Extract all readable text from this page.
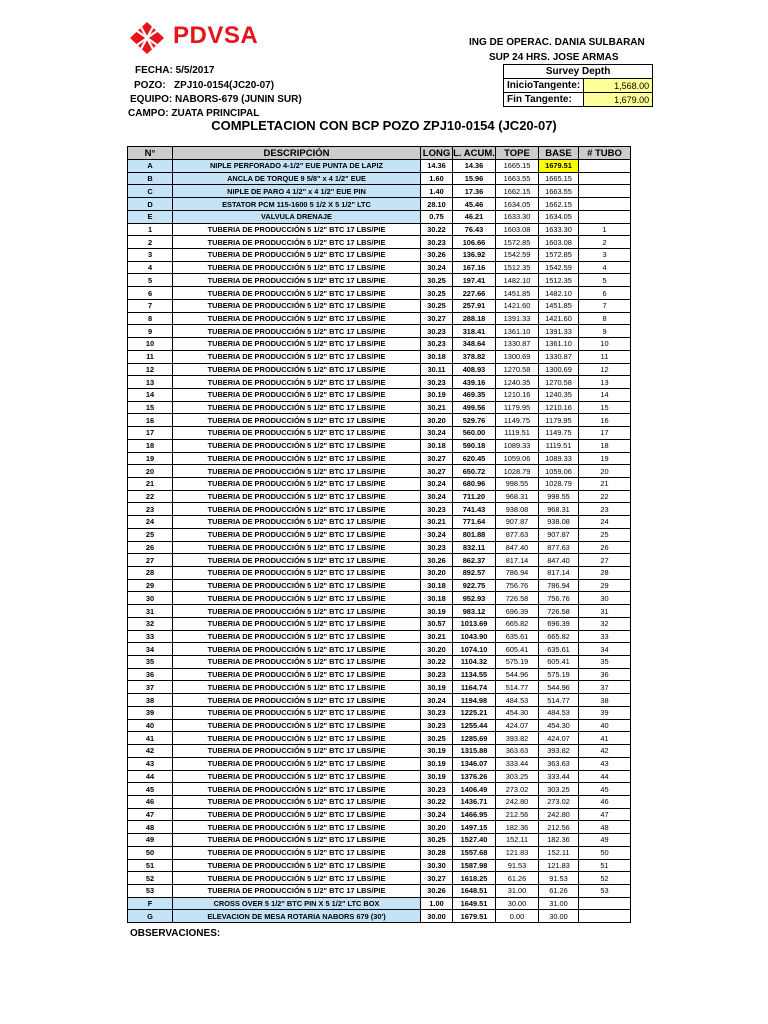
PDVSA	ING DE OPERAC. DANIA SULBARAN
SUP 24 HRS. JOSE ARMAS
FECHA: 5/5/2017
POZO: ZPJ10-0154(JC20-07)
EQUIPO: NABORS-679 (JUNIN SUR)
CAMPO: ZUATA PRINCIPAL
Survey Depth	
InicioTangente:	1,568.00
Fin Tangente:	1,679.00
COMPLETACION CON BCP POZO ZPJ10-0154 (JC20-07)
N°	DESCRIPCIÓN	LONG	L. ACUM.	TOPE	BASE	# TUBO
A	NIPLE PERFORADO 4-1/2" EUE PUNTA DE LAPIZ	14.36	14.36	1665.15	1679.51	
B	ANCLA DE TORQUE 9 5/8" x 4 1/2" EUE	1.60	15.96	1663.55	1665.15	
C	NIPLE DE PARO 4 1/2" x 4 1/2" EUE PIN	1.40	17.36	1662.15	1663.55	
D	ESTATOR PCM 115-1600 5 1/2 X 5 1/2" LTC	28.10	45.46	1634.05	1662.15	
E	VALVULA DRENAJE	0.75	46.21	1633.30	1634.05	
1	TUBERIA DE PRODUCCIÓN 5 1/2" BTC 17 LBS/PIE	30.22	76.43	1603.08	1633.30	1
2	TUBERIA DE PRODUCCIÓN 5 1/2" BTC 17 LBS/PIE	30.23	106.66	1572.85	1603.08	2
3	TUBERIA DE PRODUCCIÓN 5 1/2" BTC 17 LBS/PIE	30.26	136.92	1542.59	1572.85	3
4	TUBERIA DE PRODUCCIÓN 5 1/2" BTC 17 LBS/PIE	30.24	167.16	1512.35	1542.59	4
5	TUBERIA DE PRODUCCIÓN 5 1/2" BTC 17 LBS/PIE	30.25	197.41	1482.10	1512.35	5
6	TUBERIA DE PRODUCCIÓN 5 1/2" BTC 17 LBS/PIE	30.25	227.66	1451.85	1482.10	6
7	TUBERIA DE PRODUCCIÓN 5 1/2" BTC 17 LBS/PIE	30.25	257.91	1421.60	1451.85	7
8	TUBERIA DE PRODUCCIÓN 5 1/2" BTC 17 LBS/PIE	30.27	288.18	1391.33	1421.60	8
9	TUBERIA DE PRODUCCIÓN 5 1/2" BTC 17 LBS/PIE	30.23	318.41	1361.10	1391.33	9
10	TUBERIA DE PRODUCCIÓN 5 1/2" BTC 17 LBS/PIE	30.23	348.64	1330.87	1361.10	10
11	TUBERIA DE PRODUCCIÓN 5 1/2" BTC 17 LBS/PIE	30.18	378.82	1300.69	1330.87	11
12	TUBERIA DE PRODUCCIÓN 5 1/2" BTC 17 LBS/PIE	30.11	408.93	1270.58	1300.69	12
13	TUBERIA DE PRODUCCIÓN 5 1/2" BTC 17 LBS/PIE	30.23	439.16	1240.35	1270.58	13
14	TUBERIA DE PRODUCCIÓN 5 1/2" BTC 17 LBS/PIE	30.19	469.35	1210.16	1240.35	14
15	TUBERIA DE PRODUCCIÓN 5 1/2" BTC 17 LBS/PIE	30.21	499.56	1179.95	1210.16	15
16	TUBERIA DE PRODUCCIÓN 5 1/2" BTC 17 LBS/PIE	30.20	529.76	1149.75	1179.95	16
17	TUBERIA DE PRODUCCIÓN 5 1/2" BTC 17 LBS/PIE	30.24	560.00	1119.51	1149.75	17
18	TUBERIA DE PRODUCCIÓN 5 1/2" BTC 17 LBS/PIE	30.18	590.18	1089.33	1119.51	18
19	TUBERIA DE PRODUCCIÓN 5 1/2" BTC 17 LBS/PIE	30.27	620.45	1059.06	1089.33	19
20	TUBERIA DE PRODUCCIÓN 5 1/2" BTC 17 LBS/PIE	30.27	650.72	1028.79	1059.06	20
21	TUBERIA DE PRODUCCIÓN 5 1/2" BTC 17 LBS/PIE	30.24	680.96	998.55	1028.79	21
22	TUBERIA DE PRODUCCIÓN 5 1/2" BTC 17 LBS/PIE	30.24	711.20	968.31	998.55	22
23	TUBERIA DE PRODUCCIÓN 5 1/2" BTC 17 LBS/PIE	30.23	741.43	938.08	968.31	23
24	TUBERIA DE PRODUCCIÓN 5 1/2" BTC 17 LBS/PIE	30.21	771.64	907.87	938.08	24
25	TUBERIA DE PRODUCCIÓN 5 1/2" BTC 17 LBS/PIE	30.24	801.88	877.63	907.87	25
26	TUBERIA DE PRODUCCIÓN 5 1/2" BTC 17 LBS/PIE	30.23	832.11	847.40	877.63	26
27	TUBERIA DE PRODUCCIÓN 5 1/2" BTC 17 LBS/PIE	30.26	862.37	817.14	847.40	27
28	TUBERIA DE PRODUCCIÓN 5 1/2" BTC 17 LBS/PIE	30.20	892.57	786.94	817.14	28
29	TUBERIA DE PRODUCCIÓN 5 1/2" BTC 17 LBS/PIE	30.18	922.75	756.76	786.94	29
30	TUBERIA DE PRODUCCIÓN 5 1/2" BTC 17 LBS/PIE	30.18	952.93	726.58	756.76	30
31	TUBERIA DE PRODUCCIÓN 5 1/2" BTC 17 LBS/PIE	30.19	983.12	696.39	726.58	31
32	TUBERIA DE PRODUCCIÓN 5 1/2" BTC 17 LBS/PIE	30.57	1013.69	665.82	696.39	32
33	TUBERIA DE PRODUCCIÓN 5 1/2" BTC 17 LBS/PIE	30.21	1043.90	635.61	665.82	33
34	TUBERIA DE PRODUCCIÓN 5 1/2" BTC 17 LBS/PIE	30.20	1074.10	605.41	635.61	34
35	TUBERIA DE PRODUCCIÓN 5 1/2" BTC 17 LBS/PIE	30.22	1104.32	575.19	605.41	35
36	TUBERIA DE PRODUCCIÓN 5 1/2" BTC 17 LBS/PIE	30.23	1134.55	544.96	575.19	36
37	TUBERIA DE PRODUCCIÓN 5 1/2" BTC 17 LBS/PIE	30.19	1164.74	514.77	544.96	37
38	TUBERIA DE PRODUCCIÓN 5 1/2" BTC 17 LBS/PIE	30.24	1194.98	484.53	514.77	38
39	TUBERIA DE PRODUCCIÓN 5 1/2" BTC 17 LBS/PIE	30.23	1225.21	454.30	484.53	39
40	TUBERIA DE PRODUCCIÓN 5 1/2" BTC 17 LBS/PIE	30.23	1255.44	424.07	454.30	40
41	TUBERIA DE PRODUCCIÓN 5 1/2" BTC 17 LBS/PIE	30.25	1285.69	393.82	424.07	41
42	TUBERIA DE PRODUCCIÓN 5 1/2" BTC 17 LBS/PIE	30.19	1315.88	363.63	393.82	42
43	TUBERIA DE PRODUCCIÓN 5 1/2" BTC 17 LBS/PIE	30.19	1346.07	333.44	363.63	43
44	TUBERIA DE PRODUCCIÓN 5 1/2" BTC 17 LBS/PIE	30.19	1376.26	303.25	333.44	44
45	TUBERIA DE PRODUCCIÓN 5 1/2" BTC 17 LBS/PIE	30.23	1406.49	273.02	303.25	45
46	TUBERIA DE PRODUCCIÓN 5 1/2" BTC 17 LBS/PIE	30.22	1436.71	242.80	273.02	46
47	TUBERIA DE PRODUCCIÓN 5 1/2" BTC 17 LBS/PIE	30.24	1466.95	212.56	242.80	47
48	TUBERIA DE PRODUCCIÓN 5 1/2" BTC 17 LBS/PIE	30.20	1497.15	182.36	212.56	48
49	TUBERIA DE PRODUCCIÓN 5 1/2" BTC 17 LBS/PIE	30.25	1527.40	152.11	182.36	49
50	TUBERIA DE PRODUCCIÓN 5 1/2" BTC 17 LBS/PIE	30.28	1557.68	121.83	152.11	50
51	TUBERIA DE PRODUCCIÓN 5 1/2" BTC 17 LBS/PIE	30.30	1587.98	91.53	121.83	51
52	TUBERIA DE PRODUCCIÓN 5 1/2" BTC 17 LBS/PIE	30.27	1618.25	61.26	91.53	52
53	TUBERIA DE PRODUCCIÓN 5 1/2" BTC 17 LBS/PIE	30.26	1648.51	31.00	61.26	53
F	CROSS OVER 5 1/2" BTC PIN X 5 1/2" LTC BOX	1.00	1649.51	30.00	31.00	
G	ELEVACION DE MESA ROTARIA NABORS 679 (30')	30.00	1679.51	0.00	30.00	
OBSERVACIONES:
